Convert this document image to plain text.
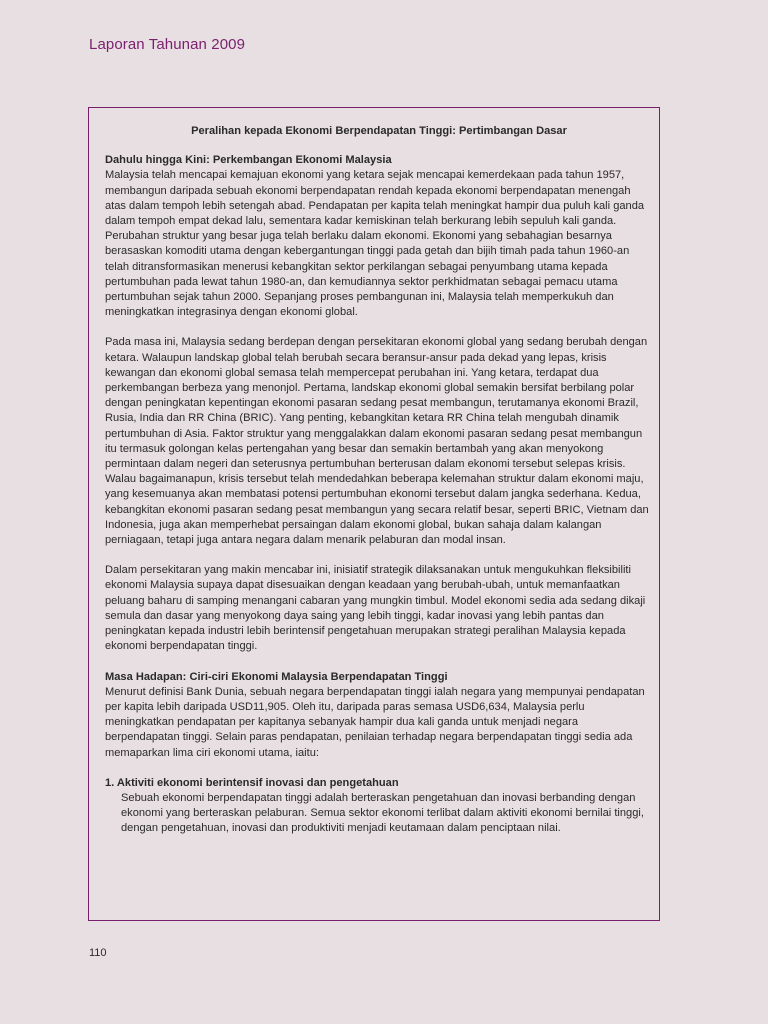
Laporan Tahunan 2009

Peralihan kepada Ekonomi Berpendapatan Tinggi: Pertimbangan Dasar

Dahulu hingga Kini: Perkembangan Ekonomi Malaysia

Malaysia telah mencapai kemajuan ekonomi yang ketara sejak mencapai kemerdekaan pada tahun 1957, membangun daripada sebuah ekonomi berpendapatan rendah kepada ekonomi berpendapatan menengah atas dalam tempoh lebih setengah abad. Pendapatan per kapita telah meningkat hampir dua puluh kali ganda dalam tempoh empat dekad lalu, sementara kadar kemiskinan telah berkurang lebih sepuluh kali ganda. Perubahan struktur yang besar juga telah berlaku dalam ekonomi. Ekonomi yang sebahagian besarnya berasaskan komoditi utama dengan kebergantungan tinggi pada getah dan bijih timah pada tahun 1960-an telah ditransformasikan menerusi kebangkitan sektor perkilangan sebagai penyumbang utama kepada pertumbuhan pada lewat tahun 1980-an, dan kemudiannya sektor perkhidmatan sebagai pemacu utama pertumbuhan sejak tahun 2000. Sepanjang proses pembangunan ini, Malaysia telah memperkukuh dan meningkatkan integrasinya dengan ekonomi global.

Pada masa ini, Malaysia sedang berdepan dengan persekitaran ekonomi global yang sedang berubah dengan ketara. Walaupun landskap global telah berubah secara beransur-ansur pada dekad yang lepas, krisis kewangan dan ekonomi global semasa telah mempercepat perubahan ini. Yang ketara, terdapat dua perkembangan berbeza yang menonjol. Pertama, landskap ekonomi global semakin bersifat berbilang polar dengan peningkatan kepentingan ekonomi pasaran sedang pesat membangun, terutamanya ekonomi Brazil, Rusia, India dan RR China (BRIC). Yang penting, kebangkitan ketara RR China telah mengubah dinamik pertumbuhan di Asia. Faktor struktur yang menggalakkan dalam ekonomi pasaran sedang pesat membangun itu termasuk golongan kelas pertengahan yang besar dan semakin bertambah yang akan menyokong permintaan dalam negeri dan seterusnya pertumbuhan berterusan dalam ekonomi tersebut selepas krisis. Walau bagaimanapun, krisis tersebut telah mendedahkan beberapa kelemahan struktur dalam ekonomi maju, yang kesemuanya akan membatasi potensi pertumbuhan ekonomi tersebut dalam jangka sederhana. Kedua, kebangkitan ekonomi pasaran sedang pesat membangun yang secara relatif besar, seperti BRIC, Vietnam dan Indonesia, juga akan memperhebat persaingan dalam ekonomi global, bukan sahaja dalam kalangan perniagaan, tetapi juga antara negara dalam menarik pelaburan dan modal insan.

Dalam persekitaran yang makin mencabar ini, inisiatif strategik dilaksanakan untuk mengukuhkan fleksibiliti ekonomi Malaysia supaya dapat disesuaikan dengan keadaan yang berubah-ubah, untuk memanfaatkan peluang baharu di samping menangani cabaran yang mungkin timbul. Model ekonomi sedia ada sedang dikaji semula dan dasar yang menyokong daya saing yang lebih tinggi, kadar inovasi yang lebih pantas dan peningkatan kepada industri lebih berintensif pengetahuan merupakan strategi peralihan Malaysia kepada ekonomi berpendapatan tinggi.

Masa Hadapan: Ciri-ciri Ekonomi Malaysia Berpendapatan Tinggi

Menurut definisi Bank Dunia, sebuah negara berpendapatan tinggi ialah negara yang mempunyai pendapatan per kapita lebih daripada USD11,905. Oleh itu, daripada paras semasa USD6,634, Malaysia perlu meningkatkan pendapatan per kapitanya sebanyak hampir dua kali ganda untuk menjadi negara berpendapatan tinggi. Selain paras pendapatan, penilaian terhadap negara berpendapatan tinggi sedia ada memaparkan lima ciri ekonomi utama, iaitu:

1. Aktiviti ekonomi berintensif inovasi dan pengetahuan

Sebuah ekonomi berpendapatan tinggi adalah berteraskan pengetahuan dan inovasi berbanding dengan ekonomi yang berteraskan pelaburan. Semua sektor ekonomi terlibat dalam aktiviti ekonomi bernilai tinggi, dengan pengetahuan, inovasi dan produktiviti menjadi keutamaan dalam penciptaan nilai.

110
